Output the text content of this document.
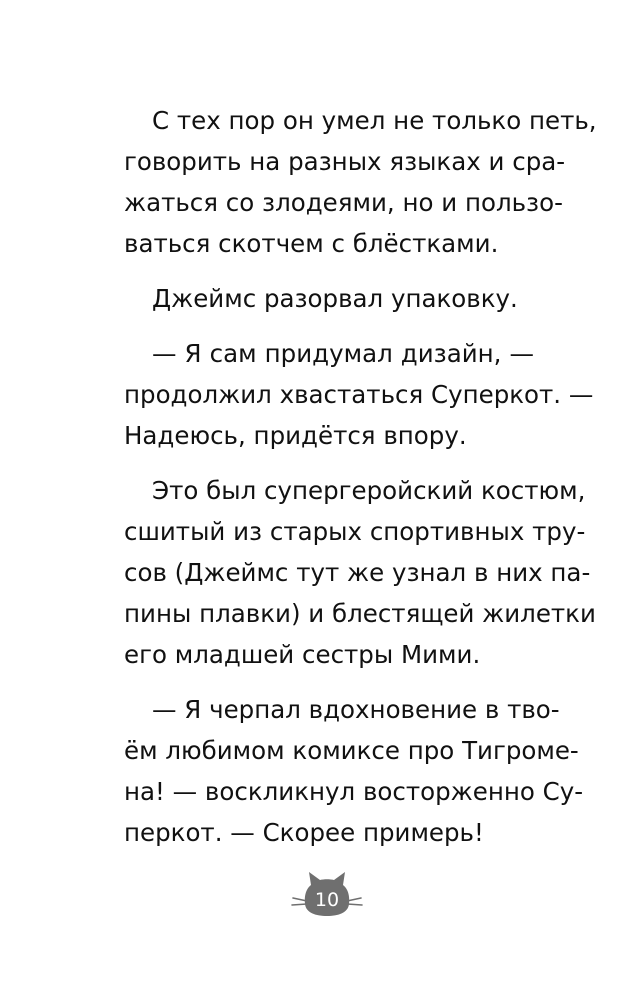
С тех пор он умел не только петь,
говорить на разных языках и сра-
жаться со злодеями, но и пользо-
ваться скотчем с блёстками.
Джеймс разорвал упаковку.
— Я сам придумал дизайн, —
продолжил хвастаться Суперкот. —
Надеюсь, придётся впору.
Это был супергеройский костюм,
сшитый из старых спортивных тру-
сов (Джеймс тут же узнал в них па-
пины плавки) и блестящей жилетки
его младшей сестры Мими.
— Я черпал вдохновение в тво-
ём любимом комиксе про Тигроме-
на! — воскликнул восторженно Су-
перкот. — Скорее примерь!
10
